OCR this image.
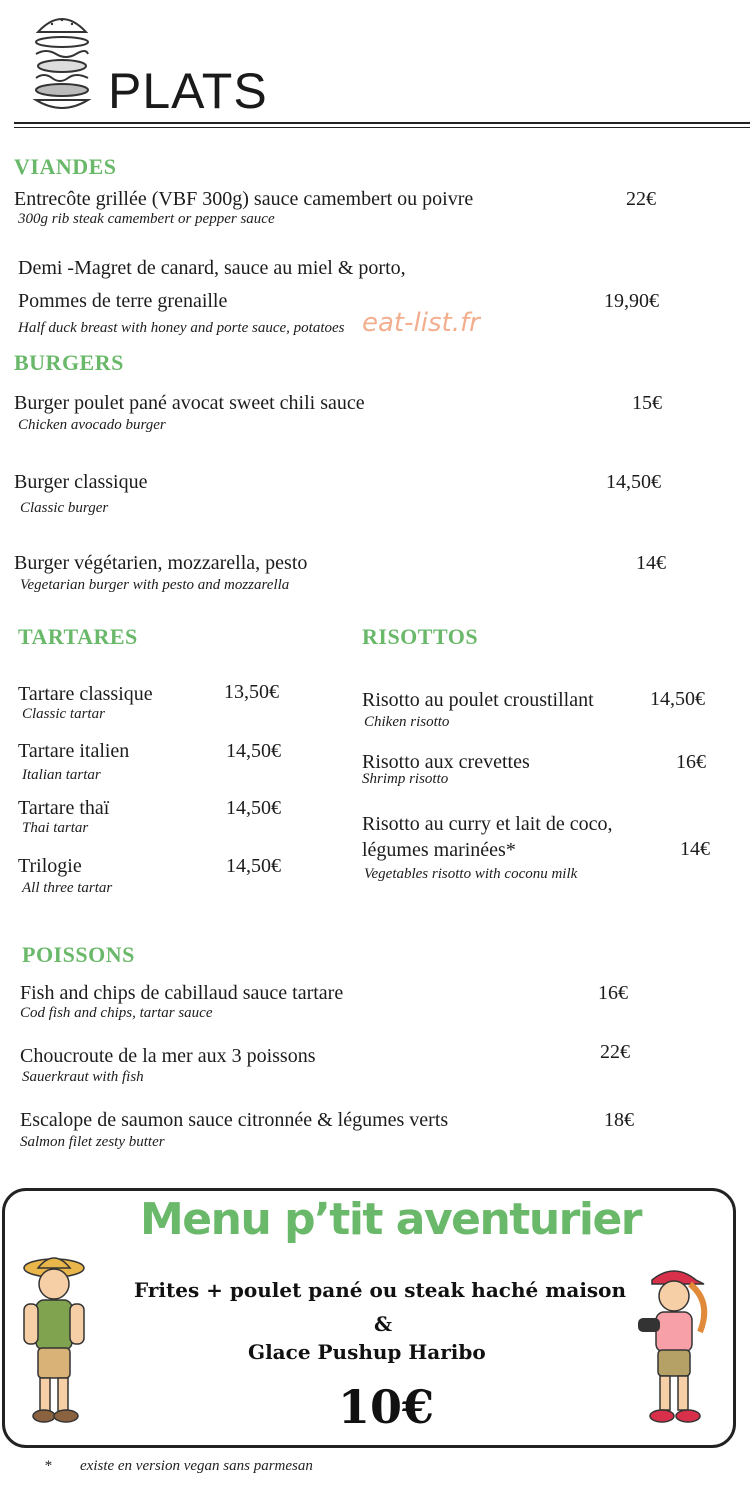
PLATS
VIANDES
Entrecôte grillée (VBF 300g) sauce camembert ou poivre
300g rib steak camembert or pepper sauce
22€
Demi -Magret de canard, sauce au miel & porto,
Pommes de terre grenaille
Half duck breast with honey and porte sauce, potatoes
19,90€
eat-list.fr
BURGERS
Burger poulet pané avocat sweet chili sauce
Chicken avocado burger
15€
Burger classique
Classic burger
14,50€
Burger végétarien, mozzarella, pesto
Vegetarian burger with pesto and mozzarella
14€
TARTARES
Tartare classique
Classic tartar
13,50€
Tartare italien
Italian tartar
14,50€
Tartare thaï
Thai tartar
14,50€
Trilogie
All three tartar
14,50€
RISOTTOS
Risotto au poulet croustillant
Chiken risotto
14,50€
Risotto aux crevettes
Shrimp risotto
16€
Risotto au curry et lait de coco,
légumes marinées*
Vegetables risotto with coconu milk
14€
POISSONS
Fish and chips de cabillaud sauce tartare
Cod fish and chips, tartar sauce
16€
Choucroute de la mer aux 3 poissons
Sauerkraut with fish
22€
Escalope de saumon sauce citronnée & légumes verts
Salmon filet zesty butter
18€
Menu p’tit aventurier
Frites + poulet pané ou steak haché maison
&
Glace Pushup Haribo
10€
* existe en version vegan sans parmesan
